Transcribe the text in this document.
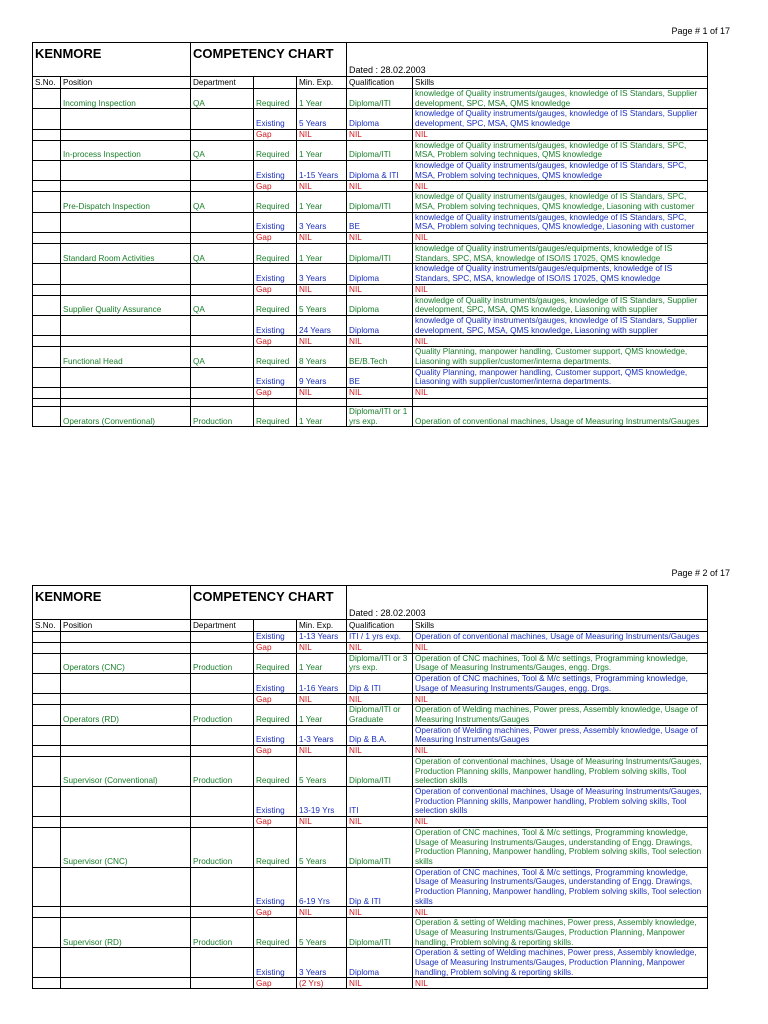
Page # 1 of 17
KENMORE		COMPETENCY CHART			Dated : 28.02.2003	
S.No.	Position	Department		Min. Exp.	Qualification	Skills
	Incoming Inspection	QA	Required	1 Year	Diploma/ITI	knowledge of Quality instruments/gauges, knowledge of IS Standars, Supplier development, SPC, MSA, QMS knowledge
			Existing	5 Years	Diploma	knowledge of Quality instruments/gauges, knowledge of IS Standars, Supplier development, SPC, MSA, QMS knowledge
			Gap	NIL	NIL	NIL
	In-process Inspection	QA	Required	1 Year	Diploma/ITI	knowledge of Quality instruments/gauges, knowledge of IS Standars, SPC, MSA, Problem solving techniques, QMS knowledge
			Existing	1-15 Years	Diploma & ITI	knowledge of Quality instruments/gauges, knowledge of IS Standars, SPC, MSA, Problem solving techniques, QMS knowledge
			Gap	NIL	NIL	NIL
	Pre-Dispatch Inspection	QA	Required	1 Year	Diploma/ITI	knowledge of Quality instruments/gauges, knowledge of IS Standars, SPC, MSA, Problem solving techniques, QMS knowledge, Liasoning with customer
			Existing	3 Years	BE	knowledge of Quality instruments/gauges, knowledge of IS Standars, SPC, MSA, Problem solving techniques, QMS knowledge, Liasoning with customer
			Gap	NIL	NIL	NIL
	Standard Room Activities	QA	Required	1 Year	Diploma/ITI	knowledge of Quality instruments/gauges/equipments, knowledge of IS Standars, SPC, MSA, knowledge of ISO/IS 17025, QMS knowledge
			Existing	3 Years	Diploma	knowledge of Quality instruments/gauges/equipments, knowledge of IS Standars, SPC, MSA, knowledge of ISO/IS 17025, QMS knowledge
			Gap	NIL	NIL	NIL
	Supplier Quality Assurance	QA	Required	5 Years	Diploma	knowledge of Quality instruments/gauges, knowledge of IS Standars, Supplier development, SPC, MSA, QMS knowledge, Liasoning with supplier
			Existing	24 Years	Diploma	knowledge of Quality instruments/gauges, knowledge of IS Standars, Supplier development, SPC, MSA, QMS knowledge, Liasoning with supplier
			Gap	NIL	NIL	NIL
	Functional Head	QA	Required	8 Years	BE/B.Tech	Quality Planning, manpower handling, Customer support, QMS knowledge, Liasoning with supplier/customer/interna departments.
			Existing	9 Years	BE	Quality Planning, manpower handling, Customer support, QMS knowledge, Liasoning with supplier/customer/interna departments.
			Gap	NIL	NIL	NIL

	Operators (Conventional)	Production	Required	1 Year	Diploma/ITI or 1 yrs exp.	Operation of conventional machines, Usage of Measuring Instruments/Gauges
Page # 2 of 17
KENMORE		COMPETENCY CHART			Dated : 28.02.2003	
S.No.	Position	Department		Min. Exp.	Qualification	Skills
			Existing	1-13 Years	ITI / 1 yrs exp.	Operation of conventional machines, Usage of Measuring Instruments/Gauges
			Gap	NIL	NIL	NIL
	Operators (CNC)	Production	Required	1 Year	Diploma/ITI or 3 yrs exp.	Operation of CNC machines, Tool & M/c settings, Programming knowledge, Usage of Measuring Instruments/Gauges, engg. Drgs.
			Existing	1-16 Years	Dip & ITI	Operation of CNC machines, Tool & M/c settings, Programming knowledge, Usage of Measuring Instruments/Gauges, engg. Drgs.
			Gap	NIL	NIL	NIL
	Operators (RD)	Production	Required	1 Year	Diploma/ITI or Graduate	Operation of Welding machines, Power press, Assembly knowledge, Usage of Measuring Instruments/Gauges
			Existing	1-3 Years	Dip & B.A.	Operation of Welding machines, Power press, Assembly knowledge, Usage of Measuring Instruments/Gauges
			Gap	NIL	NIL	NIL
	Supervisor (Conventional)	Production	Required	5 Years	Diploma/ITI	Operation of conventional machines, Usage of Measuring Instruments/Gauges, Production Planning skills, Manpower handling, Problem solving skills, Tool selection skills
			Existing	13-19 Yrs	ITI	Operation of conventional machines, Usage of Measuring Instruments/Gauges, Production Planning skills, Manpower handling, Problem solving skills, Tool selection skills
			Gap	NIL	NIL	NIL
	Supervisor (CNC)	Production	Required	5 Years	Diploma/ITI	Operation of CNC machines, Tool & M/c settings, Programming knowledge, Usage of Measuring Instruments/Gauges, understanding of Engg. Drawings, Production Planning, Manpower handling, Problem solving skills, Tool selection skills
			Existing	6-19 Yrs	Dip & ITI	Operation of CNC machines, Tool & M/c settings, Programming knowledge, Usage of Measuring Instruments/Gauges, understanding of Engg. Drawings, Production Planning, Manpower handling, Problem solving skills, Tool selection skills
			Gap	NIL	NIL	NIL
	Supervisor (RD)	Production	Required	5 Years	Diploma/ITI	Operation & setting of Welding machines, Power press, Assembly knowledge, Usage of Measuring Instruments/Gauges, Production Planning, Manpower handling, Problem solving & reporting skills.
			Existing	3 Years	Diploma	Operation & setting of Welding machines, Power press, Assembly knowledge, Usage of Measuring Instruments/Gauges, Production Planning, Manpower handling, Problem solving & reporting skills.
			Gap	(2 Yrs)	NIL	NIL
